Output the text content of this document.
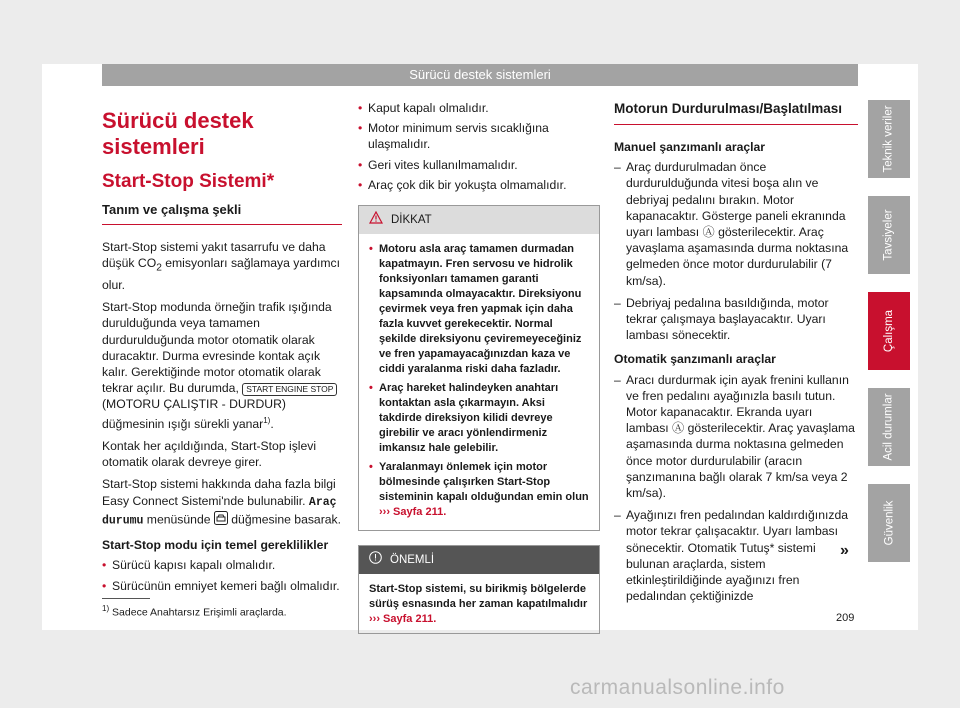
Sürücü destek sistemleri
Sürücü destek sistemleri
Start-Stop Sistemi*
Tanım ve çalışma şekli

Start-Stop sistemi yakıt tasarrufu ve daha düşük $CO_2$ emisyonları sağlamaya yardımcı olur.

Start-Stop modunda örneğin trafik ışığında durulduğunda veya tamamen durdurulduğunda motor otomatik olarak duracaktır. Durma evresinde kontak açık kalır. Gerektiğinde motor otomatik olarak tekrar açılır. Bu durumda, START ENGINE STOP (MOTORU ÇALIŞTIR - DURDUR) düğmesinin ışığı sürekli yanar$^{1)}$.

Kontak her açıldığında, Start-Stop işlevi otomatik olarak devreye girer.

Start-Stop sistemi hakkında daha fazla bilgi Easy Connect Sistemi'nde bulunabilir. Araç durumu menüsünde  düğmesine basarak.

Start-Stop modu için temel gereklilikler
• Sürücü kapısı kapalı olmalıdır.
• Sürücünün emniyet kemeri bağlı olmalıdır.
• Kaput kapalı olmalıdır.
• Motor minimum servis sıcaklığına ulaşmalıdır.
• Geri vites kullanılmamalıdır.
• Araç çok dik bir yokuşta olmamalıdır.
DİKKAT
• Motoru asla araç tamamen durmadan kapatmayın. Fren servosu ve hidrolik fonksiyonları tamamen garanti kapsamında olmayacaktır. Direksiyonu çevirmek veya fren yapmak için daha fazla kuvvet gerekecektir. Normal şekilde direksiyonu çeviremeyeceğiniz ve fren yapamayacağınızdan kaza ve ciddi yaralanma riski daha fazladır.
• Araç hareket halindeyken anahtarı kontaktan asla çıkarmayın. Aksi takdirde direksiyon kilidi devreye girebilir ve aracı yönlendirmeniz imkansız hale gelebilir.
• Yaralanmayı önlemek için motor bölmesinde çalışırken Start-Stop sisteminin kapalı olduğundan emin olun ››› Sayfa 211.
ÖNEMLİ
Start-Stop sistemi, su birikmiş bölgelerde sürüş esnasında her zaman kapatılmalıdır ››› Sayfa 211.
Motorun Durdurulması/Başlatılması
Manuel şanzımanlı araçlar
– Araç durdurulmadan önce durdurulduğunda vitesi boşa alın ve debriyaj pedalını bırakın. Motor kapanacaktır. Gösterge paneli ekranında uyarı lambası Ⓐ gösterilecektir. Araç yavaşlama aşamasında durma noktasına gelmeden önce motor durdurulabilir (7 km/sa).
– Debriyaj pedalına basıldığında, motor tekrar çalışmaya başlayacaktır. Uyarı lambası sönecektir.
Otomatik şanzımanlı araçlar
– Aracı durdurmak için ayak frenini kullanın ve fren pedalını ayağınızla basılı tutun. Motor kapanacaktır. Ekranda uyarı lambası Ⓐ gösterilecektir. Araç yavaşlama aşamasında durma noktasına gelmeden önce motor durdurulabilir (aracın şanzımanına bağlı olarak 7 km/sa veya 2 km/sa).
– Ayağınızı fren pedalından kaldırdığınızda motor tekrar çalışacaktır. Uyarı lambası sönecektir. Otomatik Tutuş* sistemi bulunan araçlarda, sistem etkinleştirildiğinde ayağınızı fren pedalından çektiğinizde
»
Teknik veriler
Tavsiyeler
Çalışma
Acil durumlar
Güvenlik
$^{1)}$ Sadece Anahtarsız Erişimli araçlarda.	209
carmanualsonline.info
